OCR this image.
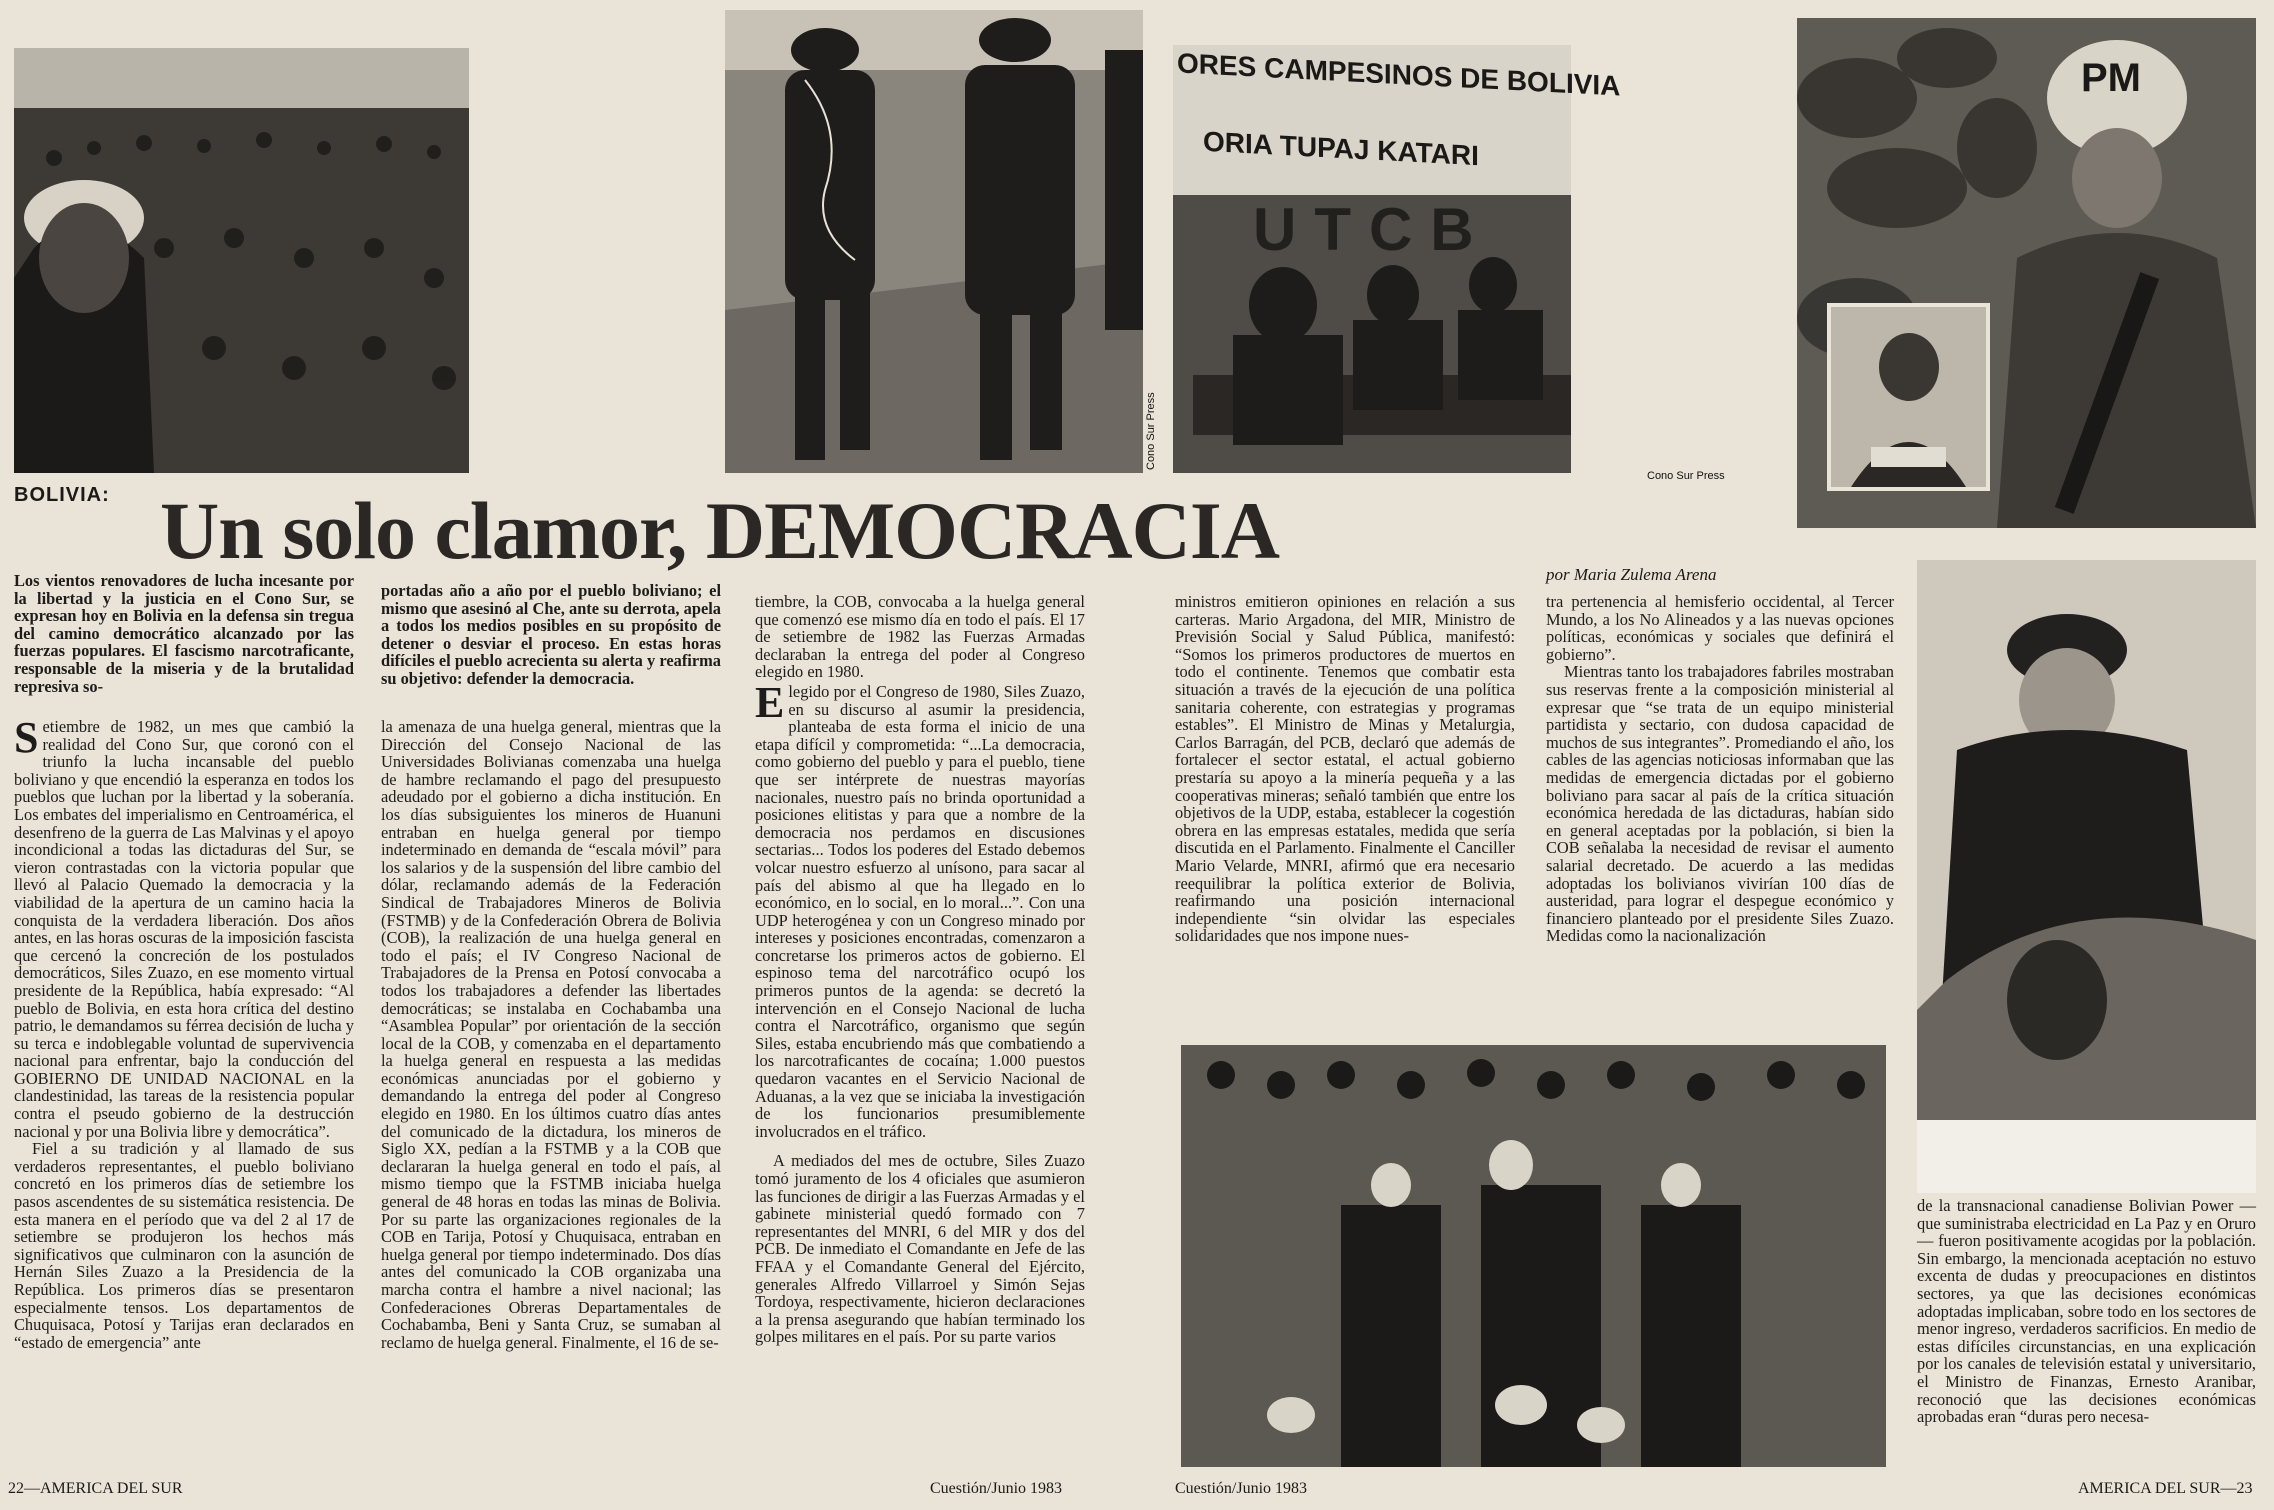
Cono Sur Press
ORES CAMPESINOS DE BOLIVIA
ORIA TUPAJ KATARI
UTCB
Cono Sur Press
PM
BOLIVIA: Un solo clamor, DEMOCRACIA	por Maria Zulema Arena

Los vientos renovadores de lucha incesante por la libertad y la justicia en el Cono Sur, se expresan hoy en Bolivia en la defensa sin tregua del camino democrático alcanzado por las fuerzas populares. El fascismo narcotraficante, responsable de la miseria y de la brutalidad represiva so-

portadas año a año por el pueblo boliviano; el mismo que asesinó al Che, ante su derrota, apela a todos los medios posibles en su propósito de detener o desviar el proceso. En estas horas difíciles el pueblo acrecienta su alerta y reafirma su objetivo: defender la democracia.

Setiembre de 1982, un mes que cambió la realidad del Cono Sur, que coronó con el triunfo la lucha incansable del pueblo boliviano y que encendió la esperanza en todos los pueblos que luchan por la libertad y la soberanía. Los embates del imperialismo en Centroamérica, el desenfreno de la guerra de Las Malvinas y el apoyo incondicional a todas las dictaduras del Sur, se vieron contrastadas con la victoria popular que llevó al Palacio Quemado la democracia y la viabilidad de la apertura de un camino hacia la conquista de la verdadera liberación. Dos años antes, en las horas oscuras de la imposición fascista que cercenó la concreción de los postulados democráticos, Siles Zuazo, en ese momento virtual presidente de la República, había expresado: “Al pueblo de Bolivia, en esta hora crítica del destino patrio, le demandamos su férrea decisión de lucha y su terca e indoblegable voluntad de supervivencia nacional para enfrentar, bajo la conducción del GOBIERNO DE UNIDAD NACIONAL en la clandestinidad, las tareas de la resistencia popular contra el pseudo gobierno de la destrucción nacional y por una Bolivia libre y democrática”.

Fiel a su tradición y al llamado de sus verdaderos representantes, el pueblo boliviano concretó en los primeros días de setiembre los pasos ascendentes de su sistemática resistencia. De esta manera en el período que va del 2 al 17 de setiembre se produjeron los hechos más significativos que culminaron con la asunción de Hernán Siles Zuazo a la Presidencia de la República. Los primeros días se presentaron especialmente tensos. Los departamentos de Chuquisaca, Potosí y Tarijas eran declarados en “estado de emergencia” ante

la amenaza de una huelga general, mientras que la Dirección del Consejo Nacional de las Universidades Bolivianas comenzaba una huelga de hambre reclamando el pago del presupuesto adeudado por el gobierno a dicha institución. En los días subsiguientes los mineros de Huanuni entraban en huelga general por tiempo indeterminado en demanda de “escala móvil” para los salarios y de la suspensión del libre cambio del dólar, reclamando además de la Federación Sindical de Trabajadores Mineros de Bolivia (FSTMB) y de la Confederación Obrera de Bolivia (COB), la realización de una huelga general en todo el país; el IV Congreso Nacional de Trabajadores de la Prensa en Potosí convocaba a todos los trabajadores a defender las libertades democráticas; se instalaba en Cochabamba una “Asamblea Popular” por orientación de la sección local de la COB, y comenzaba en el departamento la huelga general en respuesta a las medidas económicas anunciadas por el gobierno y demandando la entrega del poder al Congreso elegido en 1980. En los últimos cuatro días antes del comunicado de la dictadura, los mineros de Siglo XX, pedían a la FSTMB y a la COB que declararan la huelga general en todo el país, al mismo tiempo que la FSTMB iniciaba huelga general de 48 horas en todas las minas de Bolivia. Por su parte las organizaciones regionales de la COB en Tarija, Potosí y Chuquisaca, entraban en huelga general por tiempo indeterminado. Dos días antes del comunicado la COB organizaba una marcha contra el hambre a nivel nacional; las Confederaciones Obreras Departamentales de Cochabamba, Beni y Santa Cruz, se sumaban al reclamo de huelga general. Finalmente, el 16 de se-

tiembre, la COB, convocaba a la huelga general que comenzó ese mismo día en todo el país. El 17 de setiembre de 1982 las Fuerzas Armadas declaraban la entrega del poder al Congreso elegido en 1980.

Elegido por el Congreso de 1980, Siles Zuazo, en su discurso al asumir la presidencia, planteaba de esta forma el inicio de una etapa difícil y comprometida: “...La democracia, como gobierno del pueblo y para el pueblo, tiene que ser intérprete de nuestras mayorías nacionales, nuestro país no brinda oportunidad a posiciones elitistas y para que a nombre de la democracia nos perdamos en discusiones sectarias... Todos los poderes del Estado debemos volcar nuestro esfuerzo al unísono, para sacar al país del abismo al que ha llegado en lo económico, en lo social, en lo moral...”. Con una UDP heterogénea y con un Congreso minado por intereses y posiciones encontradas, comenzaron a concretarse los primeros actos de gobierno. El espinoso tema del narcotráfico ocupó los primeros puntos de la agenda: se decretó la intervención en el Consejo Nacional de lucha contra el Narcotráfico, organismo que según Siles, estaba encubriendo más que combatiendo a los narcotraficantes de cocaína; 1.000 puestos quedaron vacantes en el Servicio Nacional de Aduanas, a la vez que se iniciaba la investigación de los funcionarios presumiblemente involucrados en el tráfico.

A mediados del mes de octubre, Siles Zuazo tomó juramento de los 4 oficiales que asumieron las funciones de dirigir a las Fuerzas Armadas y el gabinete ministerial quedó formado con 7 representantes del MNRI, 6 del MIR y dos del PCB. De inmediato el Comandante en Jefe de las FFAA y el Comandante General del Ejército, generales Alfredo Villarroel y Simón Sejas Tordoya, respectivamente, hicieron declaraciones a la prensa asegurando que habían terminado los golpes militares en el país. Por su parte varios

ministros emitieron opiniones en relación a sus carteras. Mario Argadona, del MIR, Ministro de Previsión Social y Salud Pública, manifestó: “Somos los primeros productores de muertos en todo el continente. Tenemos que combatir esta situación a través de la ejecución de una política sanitaria coherente, con estrategias y programas estables”. El Ministro de Minas y Metalurgia, Carlos Barragán, del PCB, declaró que además de fortalecer el sector estatal, el actual gobierno prestaría su apoyo a la minería pequeña y a las cooperativas mineras; señaló también que entre los objetivos de la UDP, estaba, establecer la cogestión obrera en las empresas estatales, medida que sería discutida en el Parlamento. Finalmente el Canciller Mario Velarde, MNRI, afirmó que era necesario reequilibrar la política exterior de Bolivia, reafirmando una posición internacional independiente “sin olvidar las especiales solidaridades que nos impone nues-

tra pertenencia al hemisferio occidental, al Tercer Mundo, a los No Alineados y a las nuevas opciones políticas, económicas y sociales que definirá el gobierno”.

Mientras tanto los trabajadores fabriles mostraban sus reservas frente a la composición ministerial al expresar que “se trata de un equipo ministerial partidista y sectario, con dudosa capacidad de muchos de sus integrantes”. Promediando el año, los cables de las agencias noticiosas informaban que las medidas de emergencia dictadas por el gobierno boliviano para sacar al país de la crítica situación económica heredada de las dictaduras, habían sido en general aceptadas por la población, si bien la COB señalaba la necesidad de revisar el aumento salarial decretado. De acuerdo a las medidas adoptadas los bolivianos vivirían 100 días de austeridad, para lograr el despegue económico y financiero planteado por el presidente Siles Zuazo. Medidas como la nacionalización

de la transnacional canadiense Bolivian Power —que suministraba electricidad en La Paz y en Oruro— fueron positivamente acogidas por la población. Sin embargo, la mencionada aceptación no estuvo excenta de dudas y preocupaciones en distintos sectores, ya que las decisiones económicas adoptadas implicaban, sobre todo en los sectores de menor ingreso, verdaderos sacrificios. En medio de estas difíciles circunstancias, en una explicación por los canales de televisión estatal y universitario, el Ministro de Finanzas, Ernesto Aranibar, reconoció que las decisiones económicas aprobadas eran “duras pero necesa-

22—AMERICA DEL SUR	Cuestión/Junio 1983	Cuestión/Junio 1983	AMERICA DEL SUR—23
